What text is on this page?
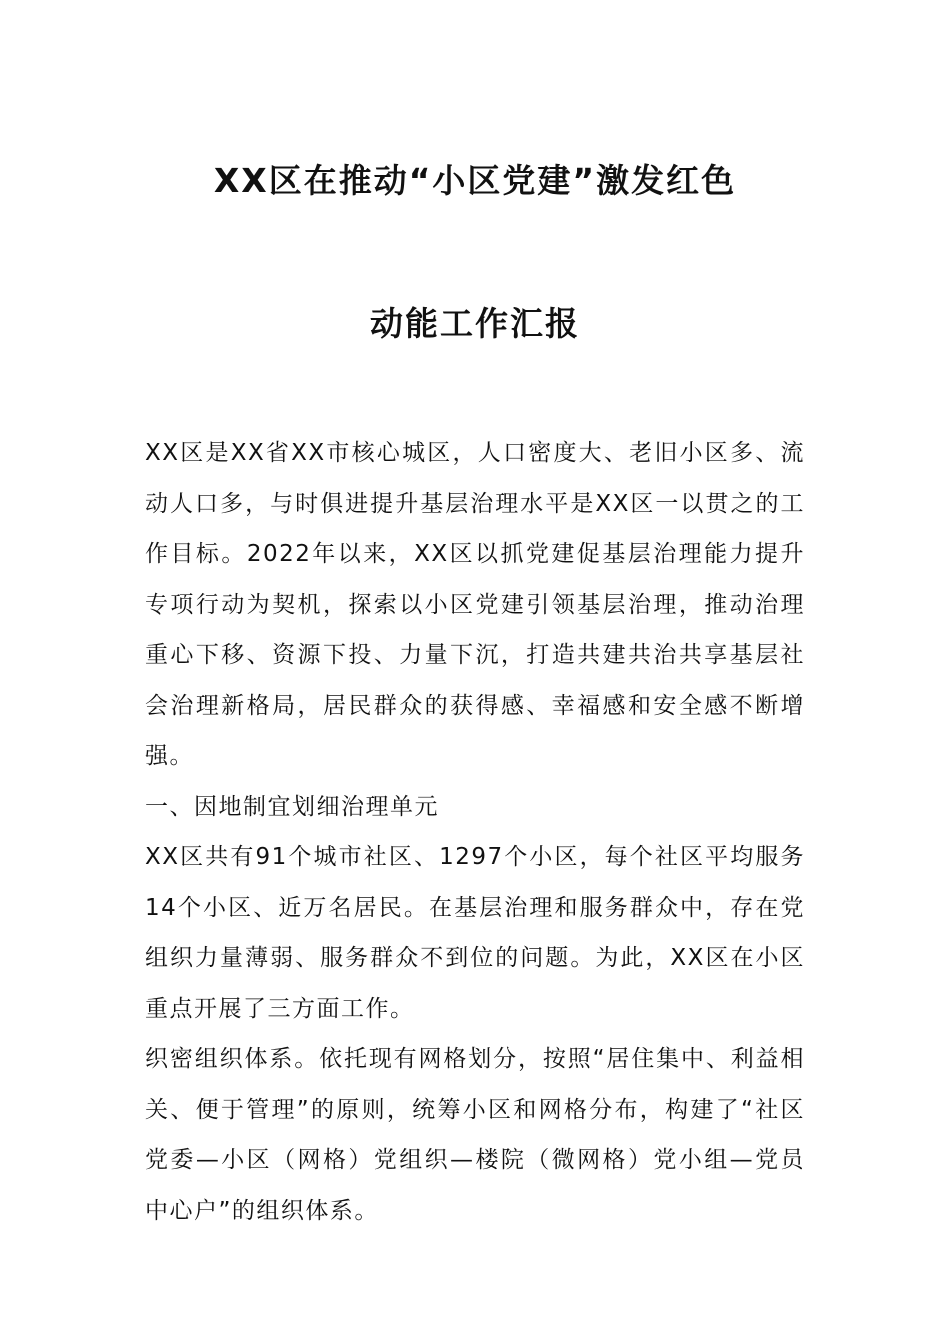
XX区在推动“小区党建”激发红色
动能工作汇报

XX区是XX省XX市核心城区，人口密度大、老旧小区多、流动人口多，与时俱进提升基层治理水平是XX区一以贯之的工作目标。2022年以来，XX区以抓党建促基层治理能力提升专项行动为契机，探索以小区党建引领基层治理，推动治理重心下移、资源下投、力量下沉，打造共建共治共享基层社会治理新格局，居民群众的获得感、幸福感和安全感不断增强。

一、因地制宜划细治理单元

XX区共有91个城市社区、1297个小区，每个社区平均服务14个小区、近万名居民。在基层治理和服务群众中，存在党组织力量薄弱、服务群众不到位的问题。为此，XX区在小区重点开展了三方面工作。

织密组织体系。依托现有网格划分，按照“居住集中、利益相关、便于管理”的原则，统筹小区和网格分布，构建了“社区党委—小区（网格）党组织—楼院（微网格）党小组—党员中心户”的组织体系。
